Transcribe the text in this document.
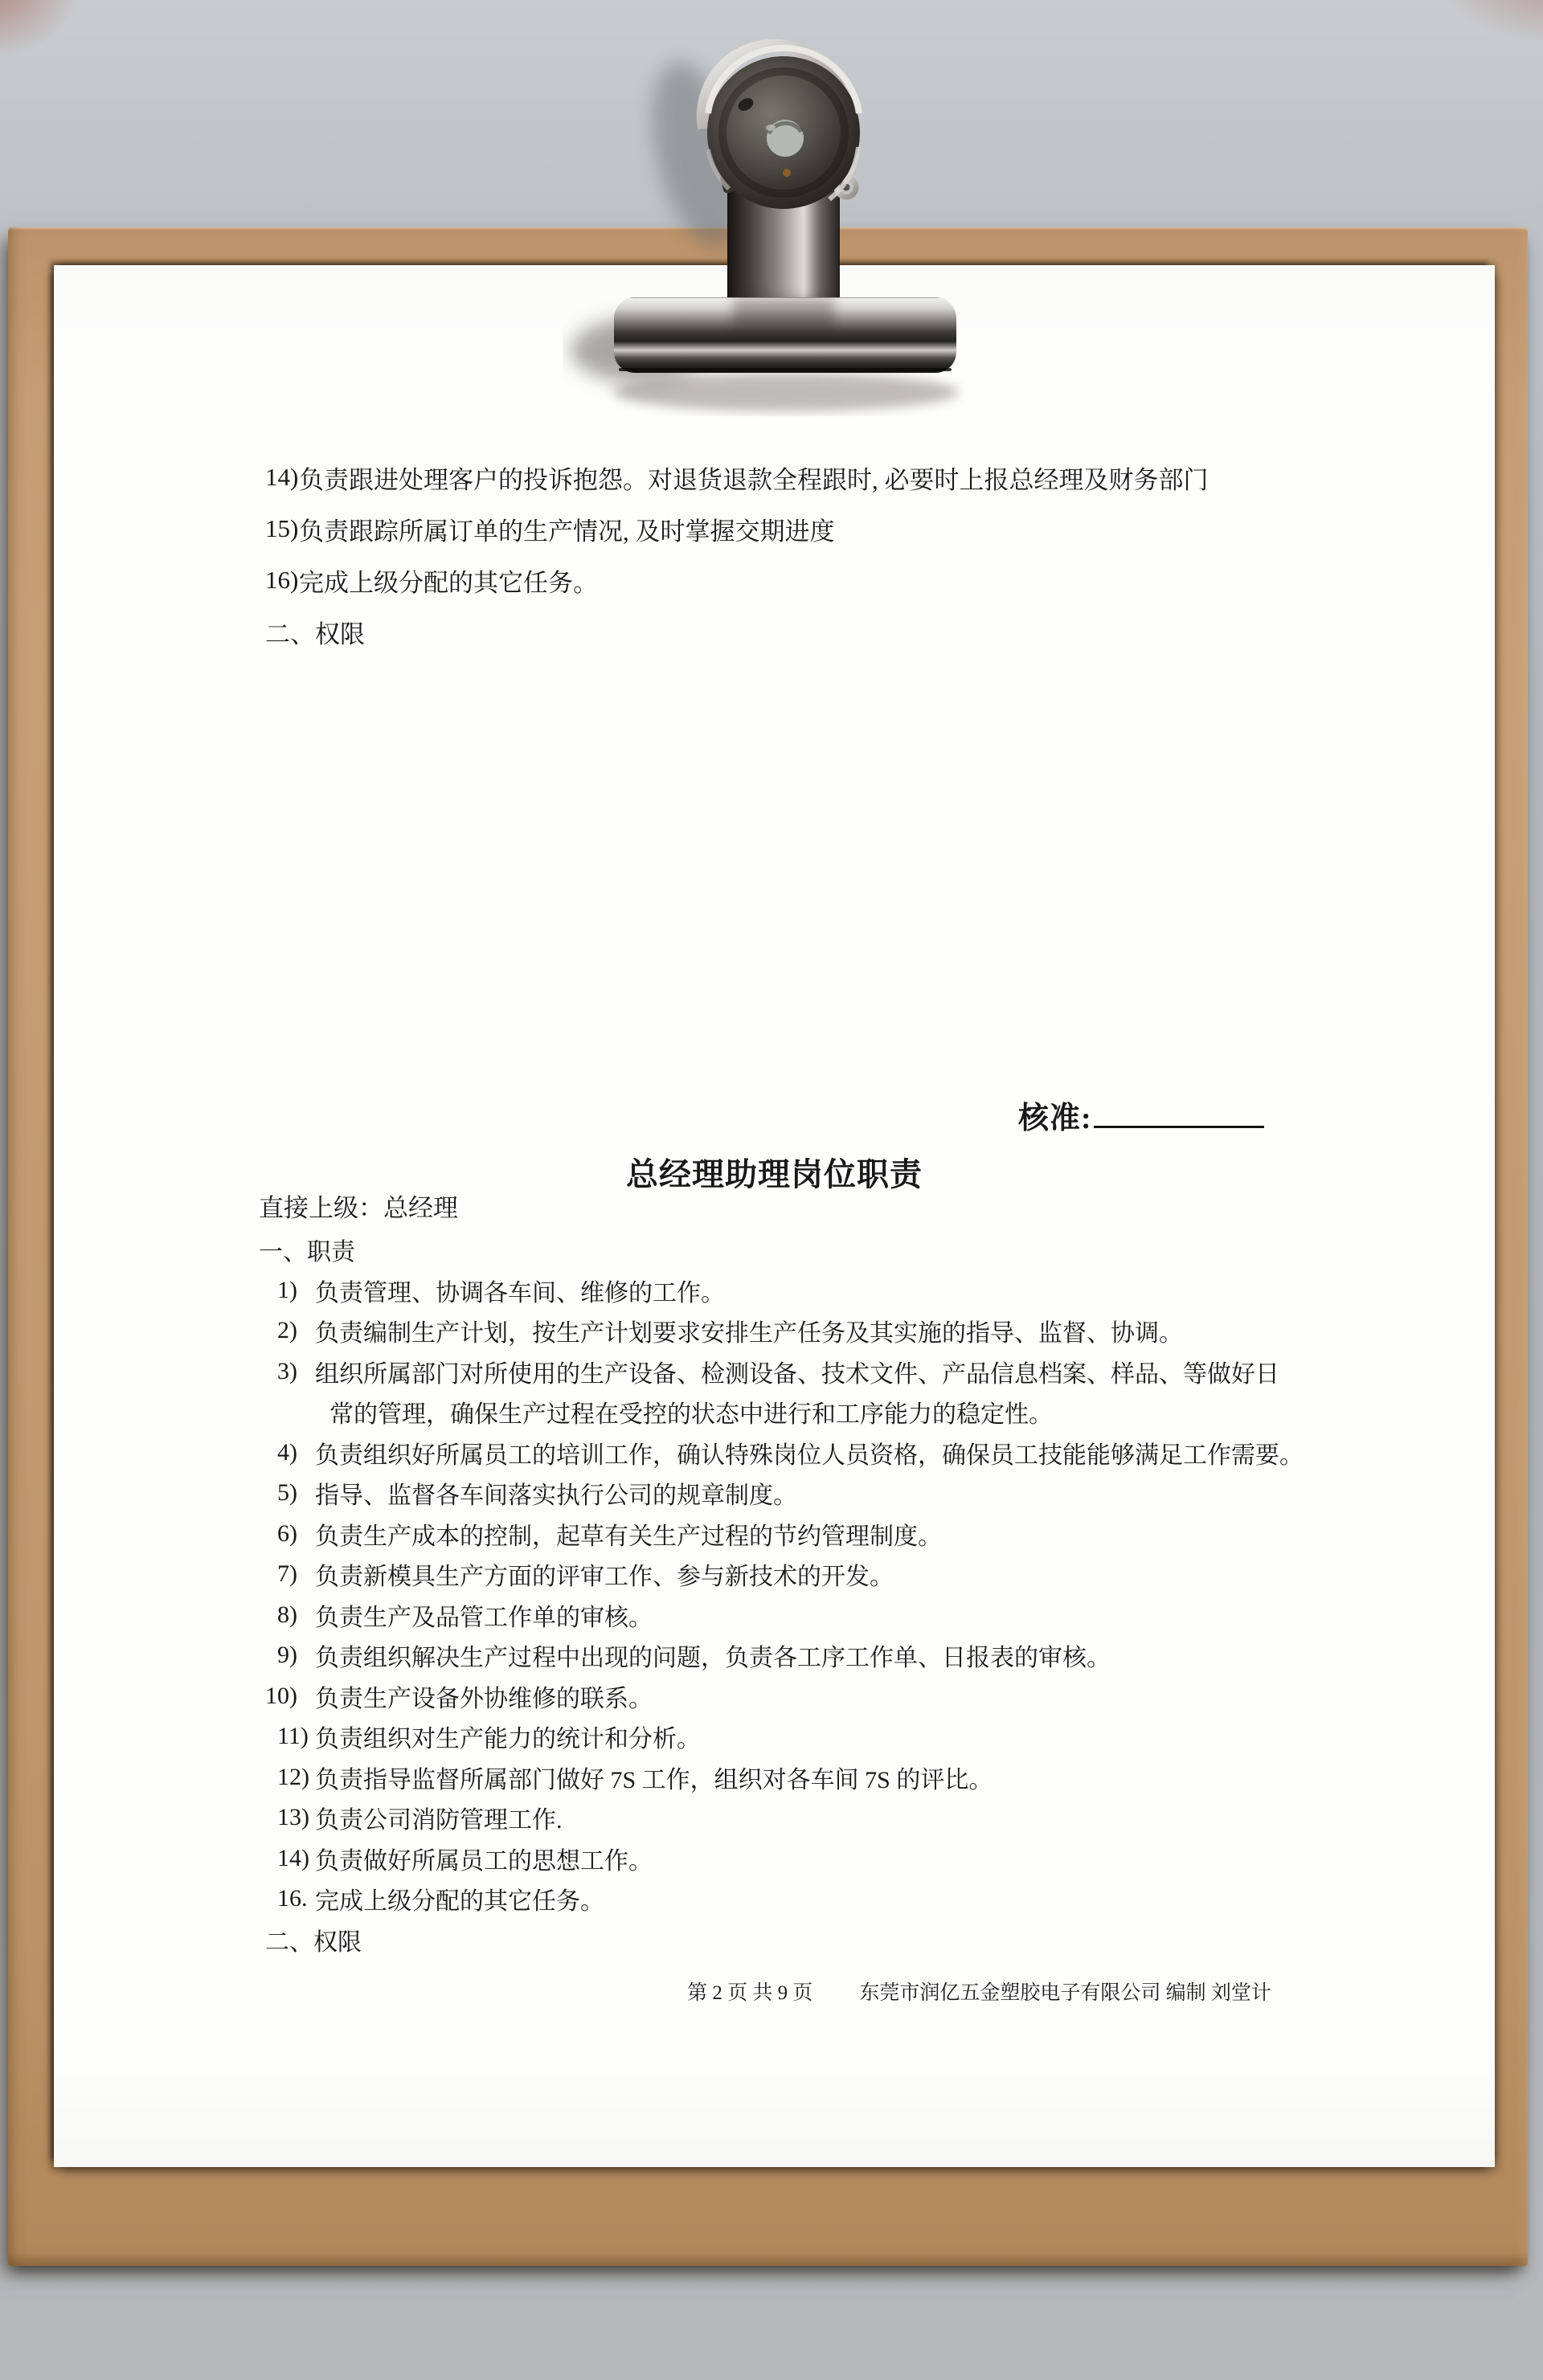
14) 负责跟进处理客户的投诉抱怨。对退货退款全程跟时, 必要时上报总经理及财务部门
15) 负责跟踪所属订单的生产情况, 及时掌握交期进度
16) 完成上级分配的其它任务。
二、权限
核准:
总经理助理岗位职责
直接上级：总经理
一、职责
1) 负责管理、协调各车间、维修的工作。
2) 负责编制生产计划，按生产计划要求安排生产任务及其实施的指导、监督、协调。
3) 组织所属部门对所使用的生产设备、检测设备、技术文件、产品信息档案、样品、等做好日
常的管理，确保生产过程在受控的状态中进行和工序能力的稳定性。
4) 负责组织好所属员工的培训工作，确认特殊岗位人员资格，确保员工技能能够满足工作需要。
5) 指导、监督各车间落实执行公司的规章制度。
6) 负责生产成本的控制，起草有关生产过程的节约管理制度。
7) 负责新模具生产方面的评审工作、参与新技术的开发。
8) 负责生产及品管工作单的审核。
9) 负责组织解决生产过程中出现的问题，负责各工序工作单、日报表的审核。
10) 负责生产设备外协维修的联系。
11) 负责组织对生产能力的统计和分析。
12) 负责指导监督所属部门做好 7S 工作，组织对各车间 7S 的评比。
13) 负责公司消防管理工作.
14) 负责做好所属员工的思想工作。
16. 完成上级分配的其它任务。
二、权限
第 2 页 共 9 页 东莞市润亿五金塑胶电子有限公司 编制 刘堂计
